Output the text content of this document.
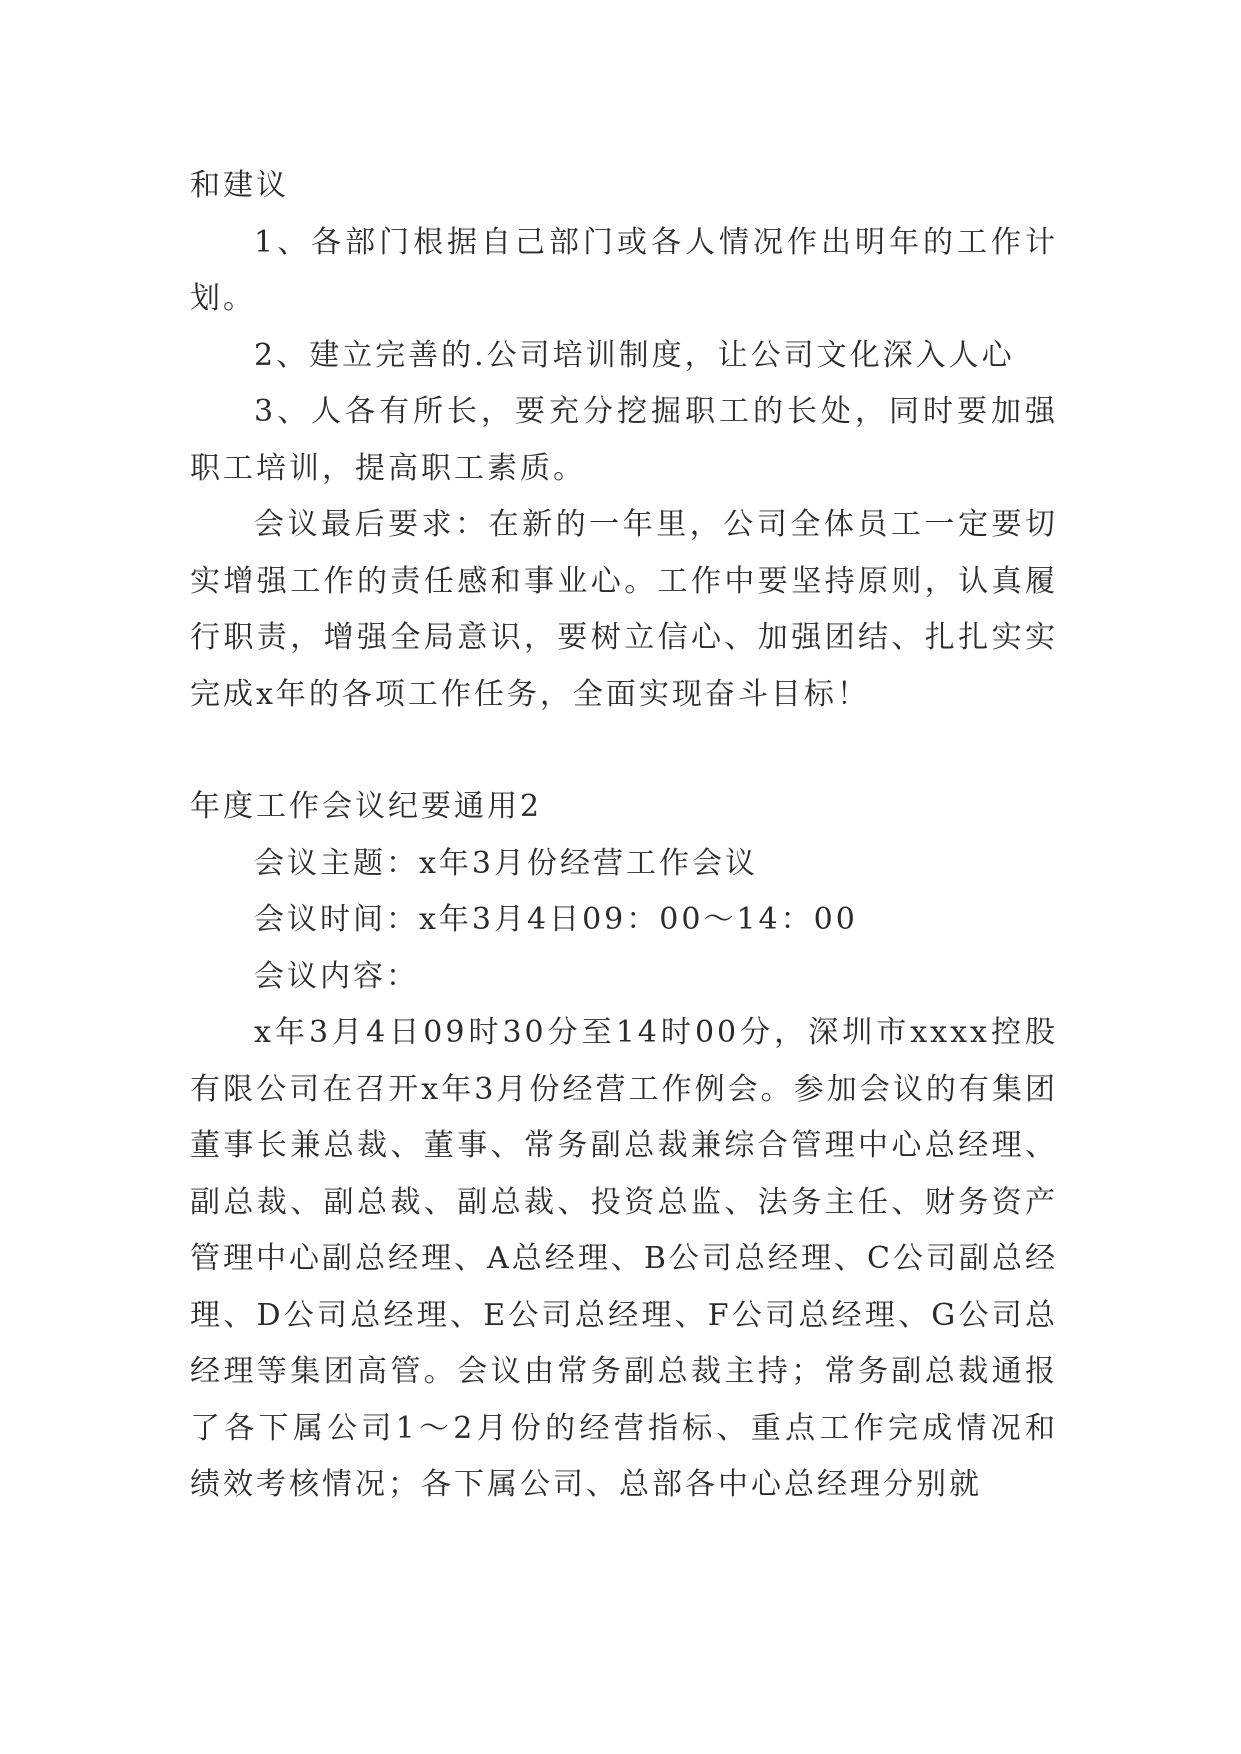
和建议

1、各部门根据自己部门或各人情况作出明年的工作计划。

2、建立完善的.公司培训制度，让公司文化深入人心

3、人各有所长，要充分挖掘职工的长处，同时要加强职工培训，提高职工素质。

会议最后要求：在新的一年里，公司全体员工一定要切实增强工作的责任感和事业心。工作中要坚持原则，认真履行职责，增强全局意识，要树立信心、加强团结、扎扎实实完成x年的各项工作任务，全面实现奋斗目标！

年度工作会议纪要通用2

会议主题：x年3月份经营工作会议

会议时间：x年3月4日09：00～14：00

会议内容：

x年3月4日09时30分至14时00分，深圳市xxxx控股有限公司在召开x年3月份经营工作例会。参加会议的有集团董事长兼总裁、董事、常务副总裁兼综合管理中心总经理、副总裁、副总裁、副总裁、投资总监、法务主任、财务资产管理中心副总经理、A总经理、B公司总经理、C公司副总经理、D公司总经理、E公司总经理、F公司总经理、G公司总经理等集团高管。会议由常务副总裁主持；常务副总裁通报了各下属公司1～2月份的经营指标、重点工作完成情况和绩效考核情况；各下属公司、总部各中心总经理分别就
